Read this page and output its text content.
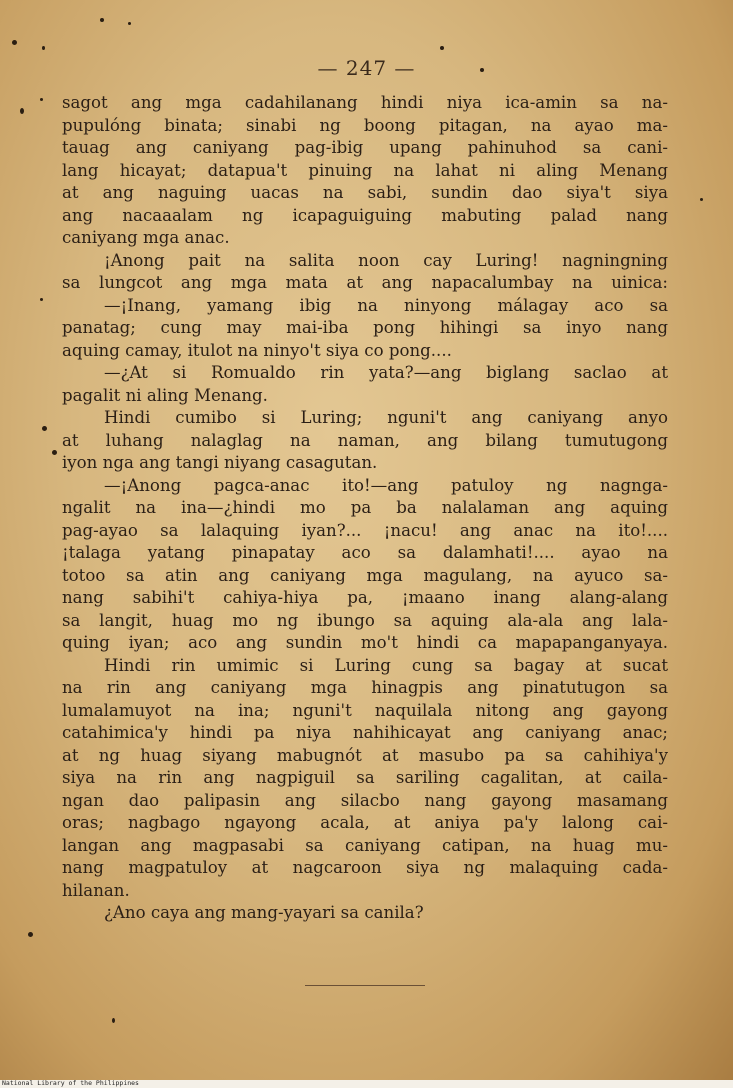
— 247 —
sagot ang mga cadahilanang hindi niya ica-amin sa na-
pupulóng binata; sinabi ng boong pitagan, na ayao ma-
tauag ang caniyang pag-ibig upang pahinuhod sa cani-
lang hicayat; datapua't pinuing na lahat ni aling Menang
at ang naguing uacas na sabi, sundin dao siya't siya
ang nacaaalam ng icapaguiguing mabuting palad nang
caniyang mga anac.
¡Anong pait na salita noon cay Luring! nagningning
sa lungcot ang mga mata at ang napacalumbay na uinica:
—¡Inang, yamang ibig na ninyong málagay aco sa
panatag; cung may mai-iba pong hihingi sa inyo nang
aquing camay, itulot na ninyo't siya co pong....
—¿At si Romualdo rin yata?—ang biglang saclao at
pagalit ni aling Menang.
Hindi cumibo si Luring; nguni't ang caniyang anyo
at luhang nalaglag na naman, ang bilang tumutugong
iyon nga ang tangi niyang casagutan.
—¡Anong pagca-anac ito!—ang patuloy ng nagnga-
ngalit na ina—¿hindi mo pa ba nalalaman ang aquing
pag-ayao sa lalaquing iyan?... ¡nacu! ang anac na ito!....
¡talaga yatang pinapatay aco sa dalamhati!.... ayao na
totoo sa atin ang caniyang mga magulang, na ayuco sa-
nang sabihi't cahiya-hiya pa, ¡maano inang alang-alang
sa langit, huag mo ng ibungo sa aquing ala-ala ang lala-
quing iyan; aco ang sundin mo't hindi ca mapapanganyaya.
Hindi rin umimic si Luring cung sa bagay at sucat
na rin ang caniyang mga hinagpis ang pinatutugon sa
lumalamuyot na ina; nguni't naquilala nitong ang gayong
catahimica'y hindi pa niya nahihicayat ang caniyang anac;
at ng huag siyang mabugnót at masubo pa sa cahihiya'y
siya na rin ang nagpiguil sa sariling cagalitan, at caila-
ngan dao palipasin ang silacbo nang gayong masamang
oras; nagbago ngayong acala, at aniya pa'y lalong cai-
langan ang magpasabi sa caniyang catipan, na huag mu-
nang magpatuloy at nagcaroon siya ng malaquing cada-
hilanan.
¿Ano caya ang mang-yayari sa canila?
National Library of the Philippines
